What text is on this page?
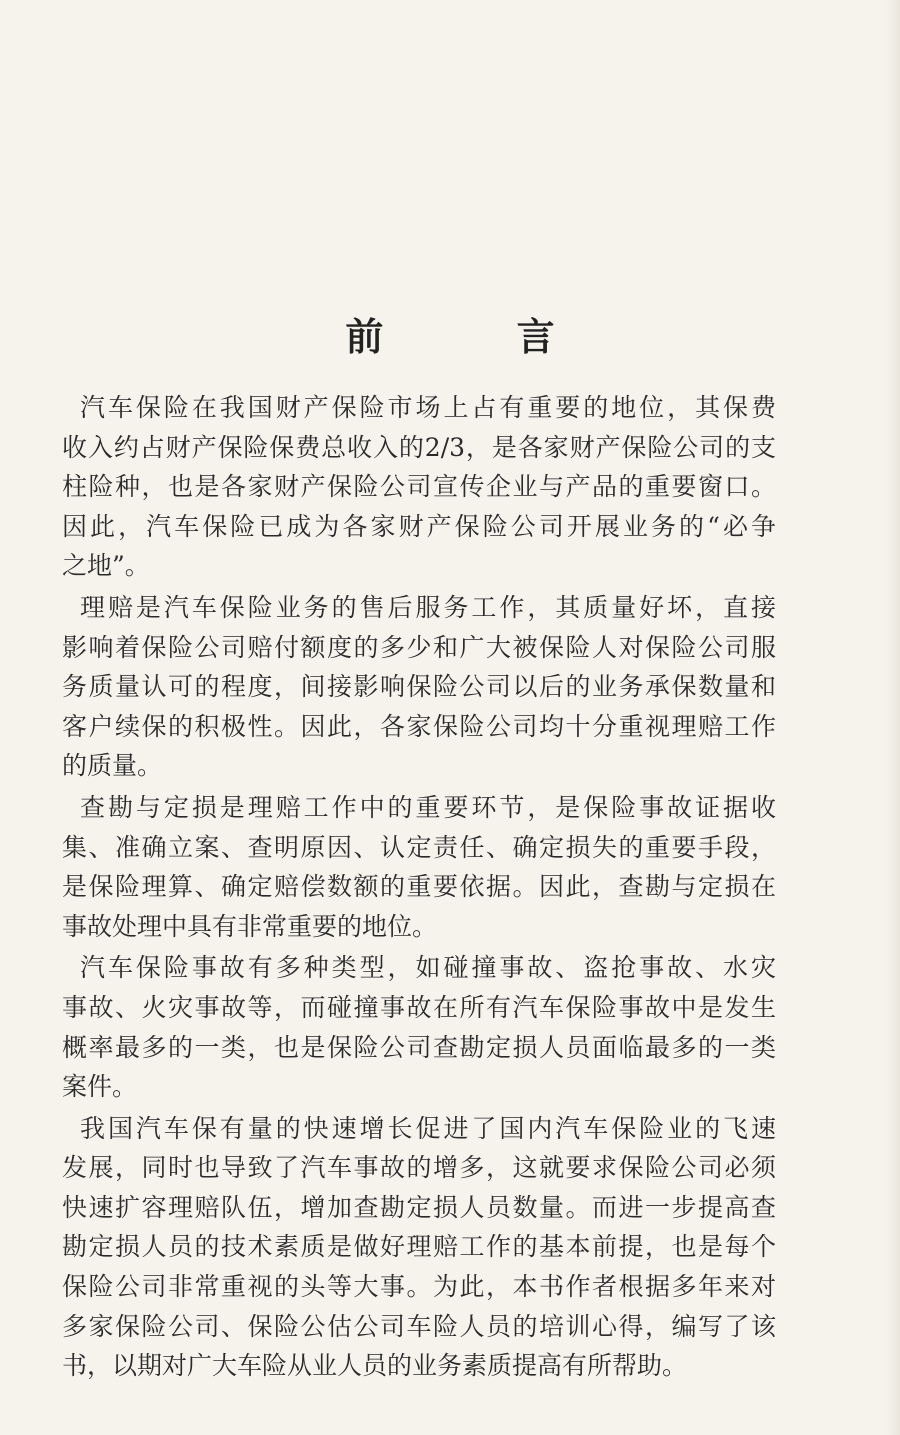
前 言
汽车保险在我国财产保险市场上占有重要的地位，其保费
收入约占财产保险保费总收入的2/3，是各家财产保险公司的支
柱险种，也是各家财产保险公司宣传企业与产品的重要窗口。
因此，汽车保险已成为各家财产保险公司开展业务的“必争
之地”。
理赔是汽车保险业务的售后服务工作，其质量好坏，直接
影响着保险公司赔付额度的多少和广大被保险人对保险公司服
务质量认可的程度，间接影响保险公司以后的业务承保数量和
客户续保的积极性。因此，各家保险公司均十分重视理赔工作
的质量。
查勘与定损是理赔工作中的重要环节，是保险事故证据收
集、准确立案、查明原因、认定责任、确定损失的重要手段，
是保险理算、确定赔偿数额的重要依据。因此，查勘与定损在
事故处理中具有非常重要的地位。
汽车保险事故有多种类型，如碰撞事故、盗抢事故、水灾
事故、火灾事故等，而碰撞事故在所有汽车保险事故中是发生
概率最多的一类，也是保险公司查勘定损人员面临最多的一类
案件。
我国汽车保有量的快速增长促进了国内汽车保险业的飞速
发展，同时也导致了汽车事故的增多，这就要求保险公司必须
快速扩容理赔队伍，增加查勘定损人员数量。而进一步提高查
勘定损人员的技术素质是做好理赔工作的基本前提，也是每个
保险公司非常重视的头等大事。为此，本书作者根据多年来对
多家保险公司、保险公估公司车险人员的培训心得，编写了该
书，以期对广大车险从业人员的业务素质提高有所帮助。
